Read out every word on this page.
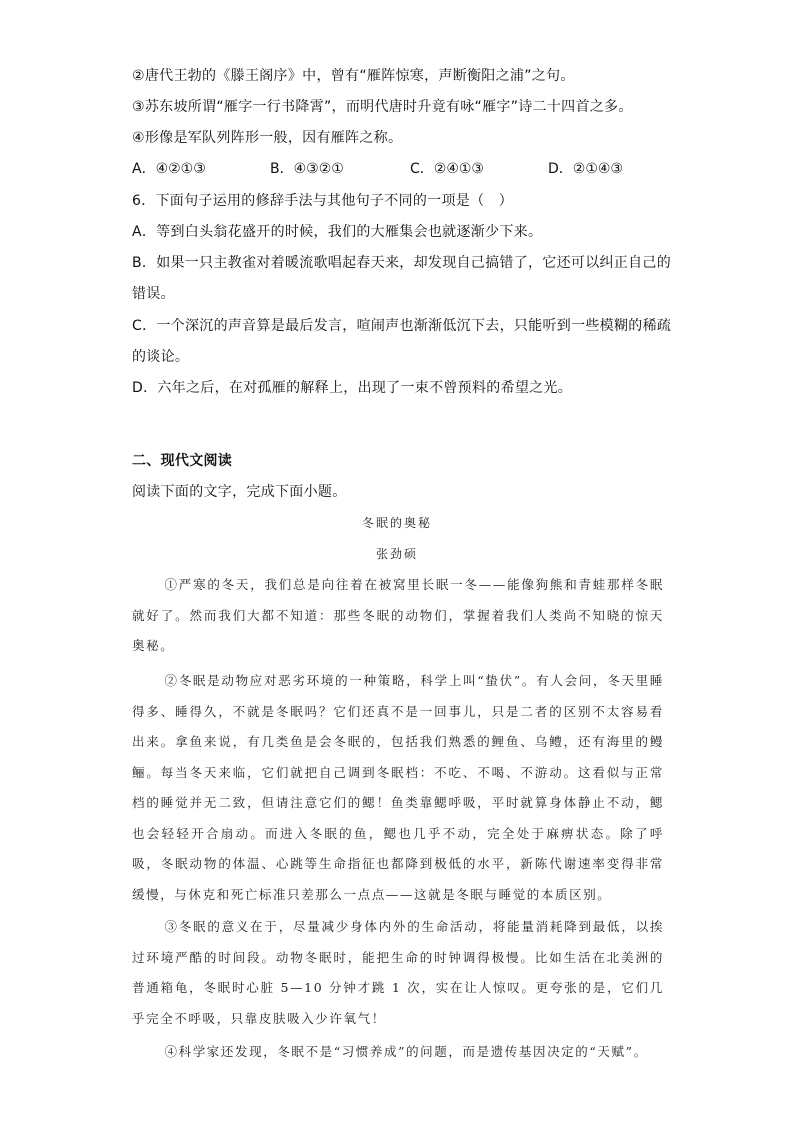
②唐代王勃的《滕王阁序》中，曾有“雁阵惊寒，声断衡阳之浦”之句。
③苏东坡所谓“雁字一行书降霄”，而明代唐时升竟有咏“雁字”诗二十四首之多。
④形像是军队列阵形一般，因有雁阵之称。
A．④②①③	B．④③②①	C．②④①③	D．②①④③
6．下面句子运用的修辞手法与其他句子不同的一项是（　）
A．等到白头翁花盛开的时候，我们的大雁集会也就逐渐少下来。
B．如果一只主教雀对着暖流歌唱起春天来，却发现自己搞错了，它还可以纠正自己的
错误。
C．一个深沉的声音算是最后发言，喧闹声也渐渐低沉下去，只能听到一些模糊的稀疏
的谈论。
D．六年之后，在对孤雁的解释上，出现了一束不曾预料的希望之光。
二、现代文阅读
阅读下面的文字，完成下面小题。
冬眠的奥秘
张劲硕
①严寒的冬天，我们总是向往着在被窝里长眠一冬——能像狗熊和青蛙那样冬眠就好了。然而我们大都不知道：那些冬眠的动物们，掌握着我们人类尚不知晓的惊天奥秘。
②冬眠是动物应对恶劣环境的一种策略，科学上叫“蛰伏”。有人会问，冬天里睡得多、睡得久，不就是冬眠吗？它们还真不是一回事儿，只是二者的区别不太容易看出来。拿鱼来说，有几类鱼是会冬眠的，包括我们熟悉的鲤鱼、乌鳢，还有海里的鳗鲡。每当冬天来临，它们就把自己调到冬眠档：不吃、不喝、不游动。这看似与正常档的睡觉并无二致，但请注意它们的鳃！鱼类靠鳃呼吸，平时就算身体静止不动，鳃也会轻轻开合扇动。而进入冬眠的鱼，鳃也几乎不动，完全处于麻痹状态。除了呼吸，冬眠动物的体温、心跳等生命指征也都降到极低的水平，新陈代谢速率变得非常缓慢，与休克和死亡标准只差那么一点点——这就是冬眠与睡觉的本质区别。
③冬眠的意义在于，尽量减少身体内外的生命活动，将能量消耗降到最低，以挨过环境严酷的时间段。动物冬眠时，能把生命的时钟调得极慢。比如生活在北美洲的普通箱龟，冬眠时心脏 5—10 分钟才跳 1 次，实在让人惊叹。更夸张的是，它们几乎完全不呼吸，只靠皮肤吸入少许氧气！
④科学家还发现，冬眠不是“习惯养成”的问题，而是遗传基因决定的“天赋”。
